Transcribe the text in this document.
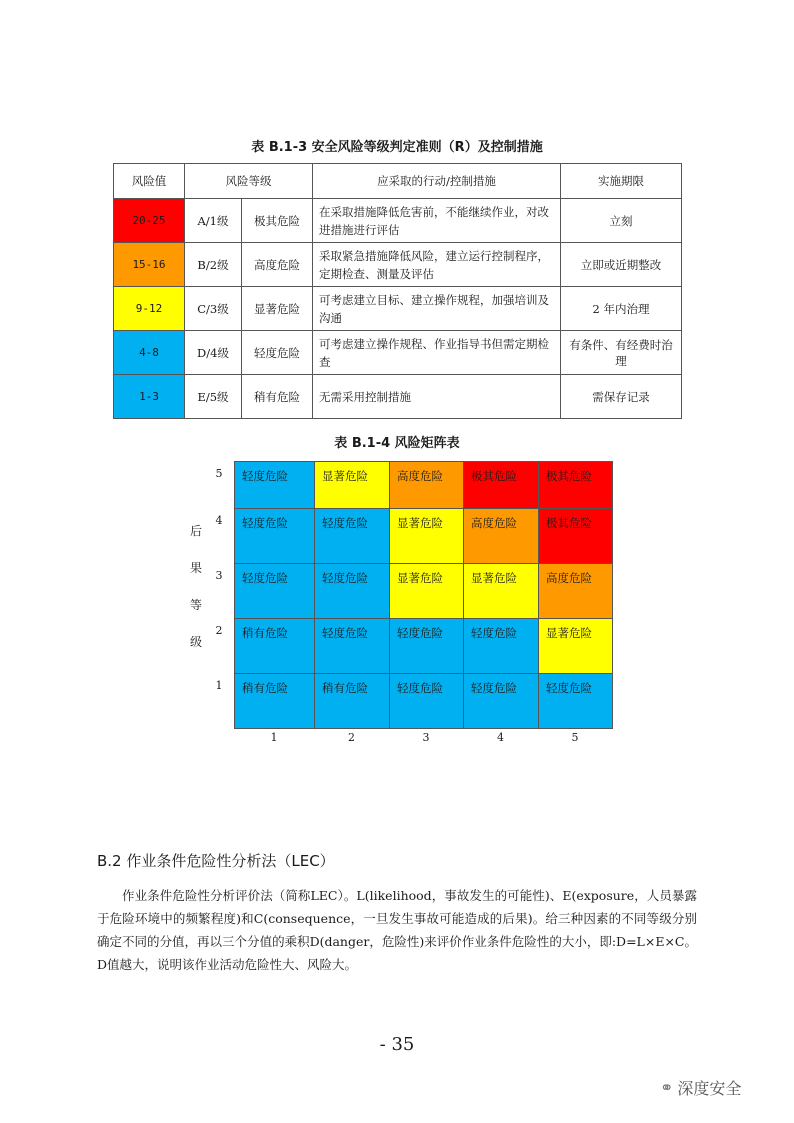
表 B.1-3 安全风险等级判定准则（R）及控制措施
风险值	风险等级		应采取的行动/控制措施	实施期限
20-25	A/1级	极其危险	在采取措施降低危害前，不能继续作业，对改进措施进行评估	立刻
15-16	B/2级	高度危险	采取紧急措施降低风险，建立运行控制程序，定期检查、测量及评估	立即或近期整改
9-12	C/3级	显著危险	可考虑建立目标、建立操作规程，加强培训及沟通	2 年内治理
4-8	D/4级	轻度危险	可考虑建立操作规程、作业指导书但需定期检查	有条件、有经费时治理
1-3	E/5级	稍有危险	无需采用控制措施	需保存记录
表 B.1-4 风险矩阵表
后
果
等
级
5
4
3
2
1
轻度危险	显著危险	高度危险	极其危险	极其危险
轻度危险	轻度危险	显著危险	高度危险	极其危险
轻度危险	轻度危险	显著危险	显著危险	高度危险
稍有危险	轻度危险	轻度危险	轻度危险	显著危险
稍有危险	稍有危险	轻度危险	轻度危险	轻度危险
1	2	3	4	5
B.2 作业条件危险性分析法（LEC）
作业条件危险性分析评价法（简称LEC）。L(likelihood，事故发生的可能性)、E(exposure，人员暴露于危险环境中的频繁程度)和C(consequence，一旦发生事故可能造成的后果)。给三种因素的不同等级分别确定不同的分值，再以三个分值的乘积D(danger，危险性)来评价作业条件危险性的大小，即:D=L×E×C。D值越大，说明该作业活动危险性大、风险大。
- 35
⚭ 深度安全
